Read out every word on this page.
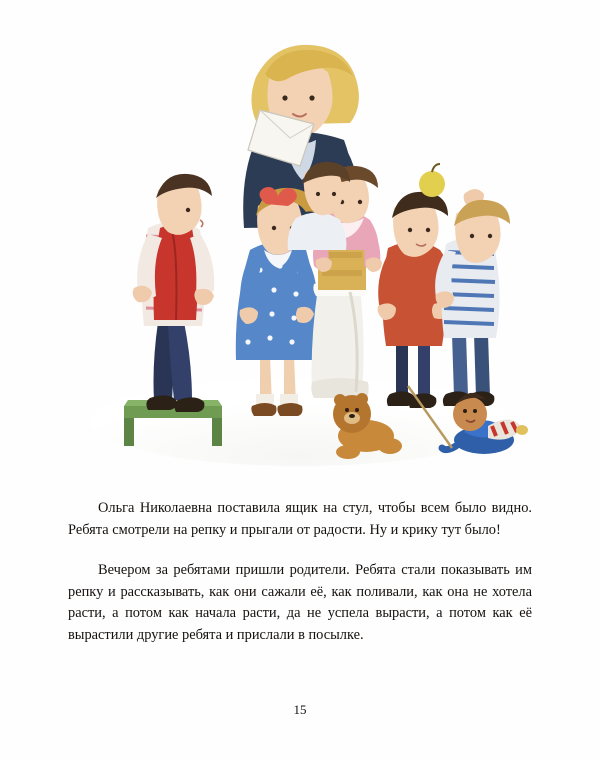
Ольга Николаевна поставила ящик на стул, чтобы всем было видно. Ребята смотрели на репку и прыгали от радости. Ну и крику тут было!

Вечером за ребятами пришли родители. Ребята стали показывать им репку и рассказывать, как они сажали её, как поливали, как она не хотела расти, а потом как начала расти, да не успела вырасти, а потом как её вырастили другие ребята и прислали в посылке.

15
